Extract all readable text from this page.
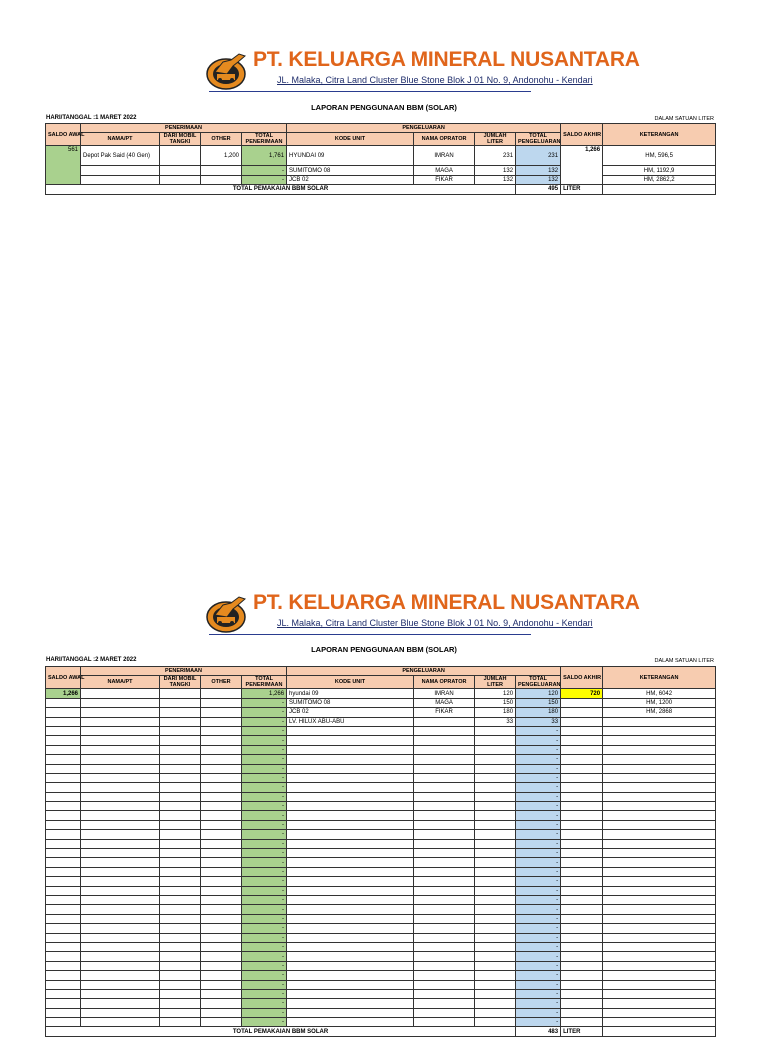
PT. KELUARGA MINERAL NUSANTARA
JL. Malaka, Citra Land Cluster Blue Stone Blok J 01 No. 9, Andonohu - Kendari
LAPORAN PENGGUNAAN BBM (SOLAR)
HARI/TANGGAL :1 MARET 2022	DALAM SATUAN LITER
SALDO AWAL	PENERIMAAN				PENGELUARAN				SALDO AKHIR	KETERANGAN
	NAMA/PT	DARI MOBIL TANGKI	OTHER	TOTAL PENERIMAAN	KODE UNIT	NAMA OPRATOR	JUMLAH LITER	TOTAL PENGELUARAN		
561	Depot Pak Said (40 Gen)		1,200	1,761	HYUNDAI 09	IMRAN	231	231	1,266	HM, 596,5
				-	SUMITOMO 08	MAGA	132	132		HM, 1192,9
				-	JCB 02	FIKAR	132	132		HM, 2862,2
TOTAL PEMAKAIAN BBM SOLAR								495	LITER	
PT. KELUARGA MINERAL NUSANTARA
JL. Malaka, Citra Land Cluster Blue Stone Blok J 01 No. 9, Andonohu - Kendari
LAPORAN PENGGUNAAN BBM (SOLAR)
HARI/TANGGAL :2 MARET 2022	DALAM SATUAN LITER
SALDO AWAL	PENERIMAAN				PENGELUARAN				SALDO AKHIR	KETERANGAN
	NAMA/PT	DARI MOBIL TANGKI	OTHER	TOTAL PENERIMAAN	KODE UNIT	NAMA OPRATOR	JUMLAH LITER	TOTAL PENGELUARAN		
1,266				1,266	hyundai 09	IMRAN	120	120	720	HM, 6042
				-	SUMITOMO 08	MAGA	150	150		HM, 1200
				-	JCB 02	FIKAR	180	180		HM, 2868
				-	LV. HILUX ABU-ABU		33	33		
				-				-		
				-				-		
				-				-		
				-				-		
				-				-		
				-				-		
				-				-		
				-				-		
				-				-		
				-				-		
				-				-		
				-				-		
				-				-		
				-				-		
				-				-		
				-				-		
				-				-		
				-				-		
				-				-		
				-				-		
				-				-		
				-				-		
				-				-		
				-				-		
				-				-		
				-				-		
				-				-		
				-				-		
				-				-		
				-				-		
				-				-		
				-				-		
TOTAL PEMAKAIAN BBM SOLAR								483	LITER	
